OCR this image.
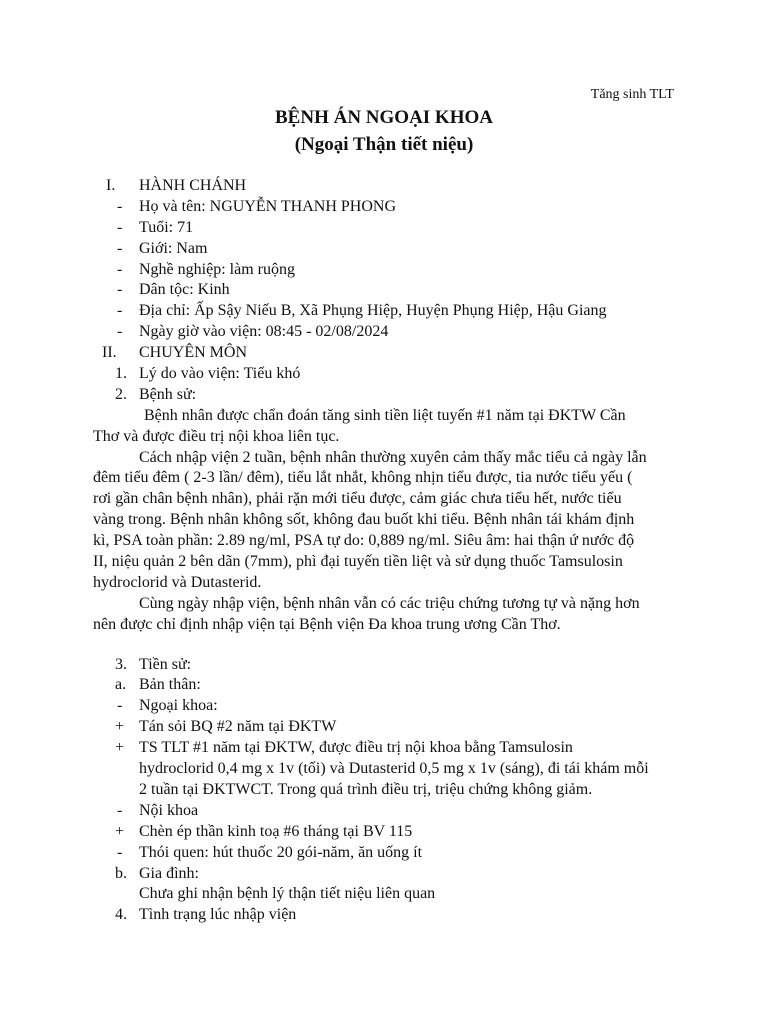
Tăng sinh TLT
BỆNH ÁN NGOẠI KHOA
(Ngoại Thận tiết niệu)
I. HÀNH CHÁNH
- Họ và tên: NGUYỄN THANH PHONG
- Tuổi: 71
- Giới: Nam
- Nghề nghiệp: làm ruộng
- Dân tộc: Kinh
- Địa chỉ: Ấp Sậy Niếu B, Xã Phụng Hiệp, Huyện Phụng Hiệp, Hậu Giang
- Ngày giờ vào viện: 08:45 - 02/08/2024
II. CHUYÊN MÔN
1. Lý do vào viện: Tiểu khó
2. Bệnh sử:
Bệnh nhân được chẩn đoán tăng sinh tiền liệt tuyến #1 năm tại ĐKTW Cần
Thơ và được điều trị nội khoa liên tục.
Cách nhập viện 2 tuần, bệnh nhân thường xuyên cảm thấy mắc tiểu cả ngày lẫn
đêm tiểu đêm ( 2-3 lần/ đêm), tiểu lắt nhắt, không nhịn tiểu được, tia nước tiểu yếu (
rơi gần chân bệnh nhân), phải rặn mới tiểu được, cảm giác chưa tiểu hết, nước tiểu
vàng trong. Bệnh nhân không sốt, không đau buốt khi tiểu. Bệnh nhân tái khám định
kì, PSA toàn phần: 2.89 ng/ml, PSA tự do: 0,889 ng/ml. Siêu âm: hai thận ứ nước độ
II, niệu quản 2 bên dãn (7mm), phì đại tuyến tiền liệt và sử dụng thuốc Tamsulosin
hydroclorid và Dutasterid.
Cùng ngày nhập viện, bệnh nhân vẫn có các triệu chứng tương tự và nặng hơn
nên được chỉ định nhập viện tại Bệnh viện Đa khoa trung ương Cần Thơ.
3. Tiền sử:
a. Bản thân:
- Ngoại khoa:
+ Tán sỏi BQ #2 năm tại ĐKTW
+ TS TLT #1 năm tại ĐKTW, được điều trị nội khoa bằng Tamsulosin
hydroclorid 0,4 mg x 1v (tối) và Dutasterid 0,5 mg x 1v (sáng), đi tái khám mỗi
2 tuần tại ĐKTWCT. Trong quá trình điều trị, triệu chứng không giảm.
- Nội khoa
+ Chèn ép thần kinh toạ #6 tháng tại BV 115
- Thói quen: hút thuốc 20 gói-năm, ăn uống ít
b. Gia đình:
Chưa ghi nhận bệnh lý thận tiết niệu liên quan
4. Tình trạng lúc nhập viện
